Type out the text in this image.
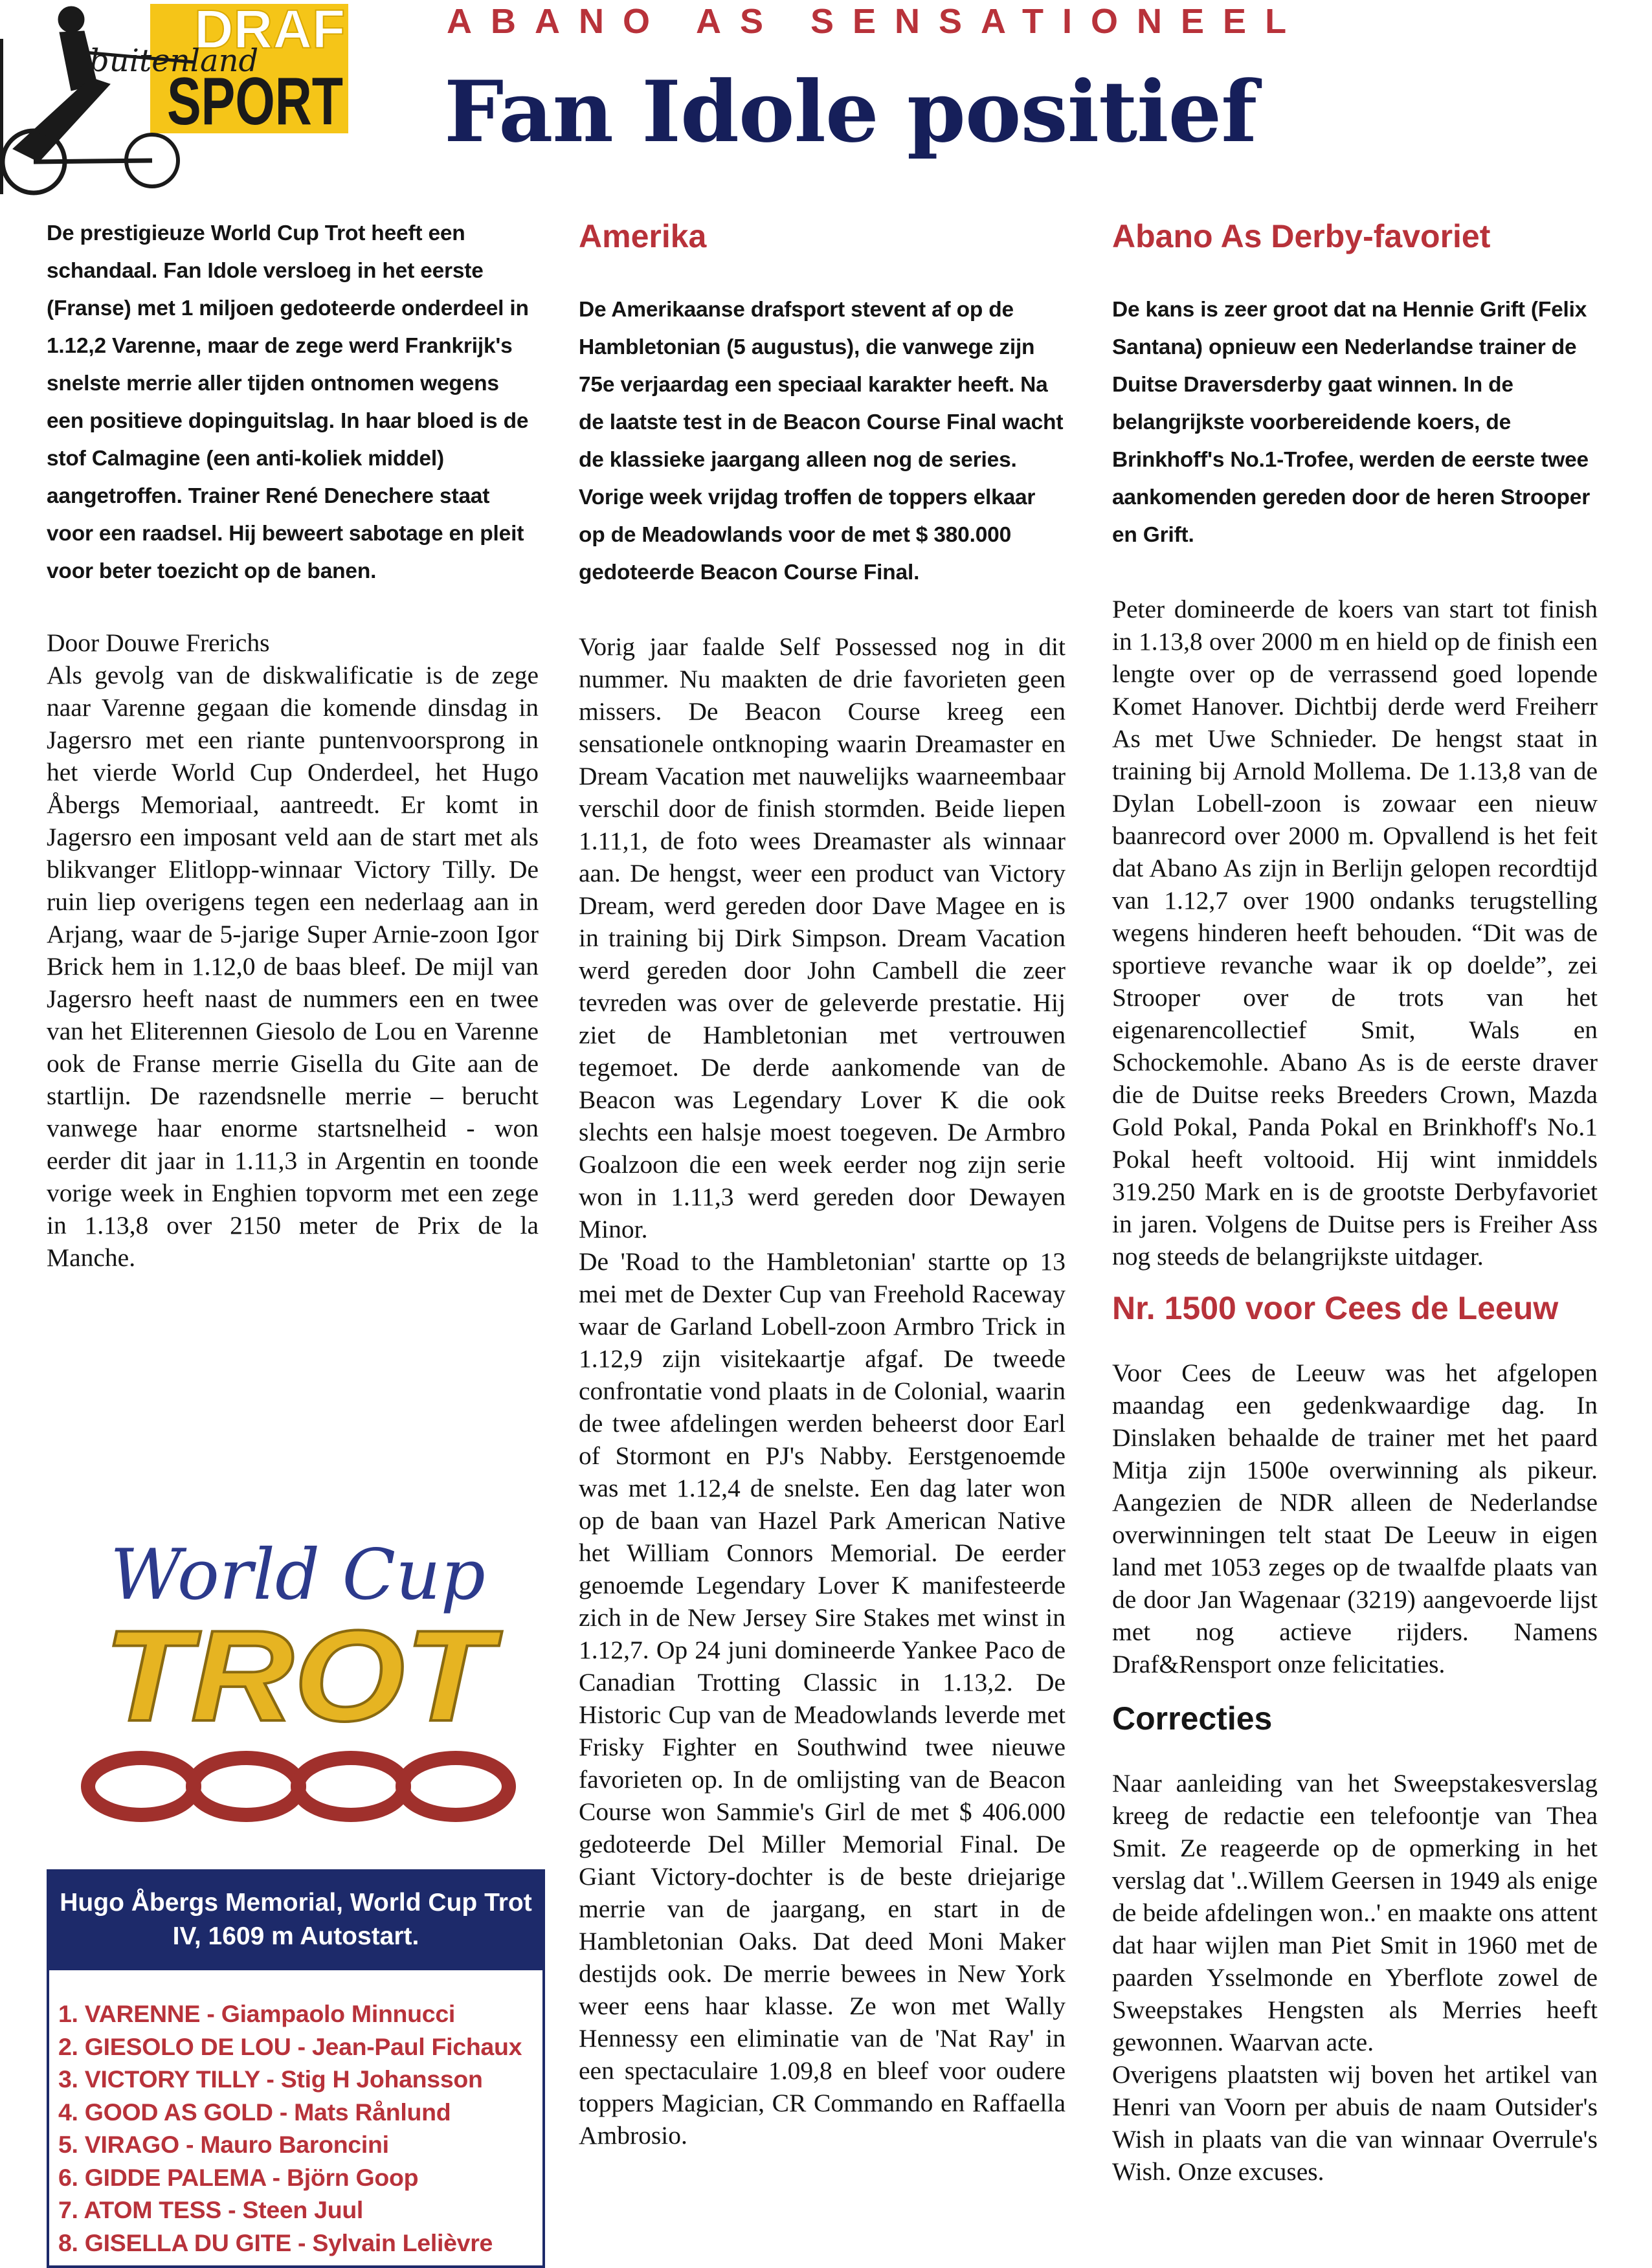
DRAF
buitenland
SPORT
ABANO AS SENSATIONEEL
Fan Idole positief

De prestigieuze World Cup Trot heeft een schandaal. Fan Idole versloeg in het eerste (Franse) met 1 miljoen gedoteerde onderdeel in 1.12,2 Varenne, maar de zege werd Frankrijk's snelste merrie aller tijden ontnomen wegens een positieve dopinguitslag. In haar bloed is de stof Calmagine (een anti-koliek middel) aangetroffen. Trainer René Denechere staat voor een raadsel. Hij beweert sabotage en pleit voor beter toezicht op de banen.

Door Douwe Frerichs

Als gevolg van de diskwalificatie is de zege naar Varenne gegaan die komende dinsdag in Jagersro met een riante puntenvoorsprong in het vierde World Cup Onderdeel, het Hugo Åbergs Memoriaal, aantreedt. Er komt in Jagersro een imposant veld aan de start met als blikvanger Elitlopp-winnaar Victory Tilly. De ruin liep overigens tegen een nederlaag aan in Arjang, waar de 5-jarige Super Arnie-zoon Igor Brick hem in 1.12,0 de baas bleef. De mijl van Jagersro heeft naast de nummers een en twee van het Eliterennen Giesolo de Lou en Varenne ook de Franse merrie Gisella du Gite aan de startlijn. De razendsnelle merrie – berucht vanwege haar enorme startsnelheid - won eerder dit jaar in 1.11,3 in Argentin en toonde vorige week in Enghien topvorm met een zege in 1.13,8 over 2150 meter de Prix de la Manche.

World Cup
TROT
Hugo Åbergs Memorial, World Cup Trot IV, 1609 m Autostart.
1. VARENNE - Giampaolo Minnucci
2. GIESOLO DE LOU - Jean-Paul Fichaux
3. VICTORY TILLY - Stig H Johansson
4. GOOD AS GOLD - Mats Rånlund
5. VIRAGO - Mauro Baroncini
6. GIDDE PALEMA - Björn Goop
7. ATOM TESS - Steen Juul
8. GISELLA DU GITE - Sylvain Lelièvre
Amerika

De Amerikaanse drafsport stevent af op de Hambletonian (5 augustus), die vanwege zijn 75e verjaardag een speciaal karakter heeft. Na de laatste test in de Beacon Course Final wacht de klassieke jaargang alleen nog de series. Vorige week vrijdag troffen de toppers elkaar op de Meadowlands voor de met $ 380.000 gedoteerde Beacon Course Final.

Vorig jaar faalde Self Possessed nog in dit nummer. Nu maakten de drie favorieten geen missers. De Beacon Course kreeg een sensationele ontknoping waarin Dreamaster en Dream Vacation met nauwelijks waarneembaar verschil door de finish stormden. Beide liepen 1.11,1, de foto wees Dreamaster als winnaar aan. De hengst, weer een product van Victory Dream, werd gereden door Dave Magee en is in training bij Dirk Simpson. Dream Vacation werd gereden door John Cambell die zeer tevreden was over de geleverde prestatie. Hij ziet de Hambletonian met vertrouwen tegemoet. De derde aankomende van de Beacon was Legendary Lover K die ook slechts een halsje moest toegeven. De Armbro Goalzoon die een week eerder nog zijn serie won in 1.11,3 werd gereden door Dewayen Minor.

De 'Road to the Hambletonian' startte op 13 mei met de Dexter Cup van Freehold Raceway waar de Garland Lobell-zoon Armbro Trick in 1.12,9 zijn visitekaartje afgaf. De tweede confrontatie vond plaats in de Colonial, waarin de twee afdelingen werden beheerst door Earl of Stormont en PJ's Nabby. Eerstgenoemde was met 1.12,4 de snelste. Een dag later won op de baan van Hazel Park American Native het William Connors Memorial. De eerder genoemde Legendary Lover K manifesteerde zich in de New Jersey Sire Stakes met winst in 1.12,7. Op 24 juni domineerde Yankee Paco de Canadian Trotting Classic in 1.13,2. De Historic Cup van de Meadowlands leverde met Frisky Fighter en Southwind twee nieuwe favorieten op. In de omlijsting van de Beacon Course won Sammie's Girl de met $ 406.000 gedoteerde Del Miller Memorial Final. De Giant Victory-dochter is de beste driejarige merrie van de jaargang, en start in de Hambletonian Oaks. Dat deed Moni Maker destijds ook. De merrie bewees in New York weer eens haar klasse. Ze won met Wally Hennessy een eliminatie van de 'Nat Ray' in een spectaculaire 1.09,8 en bleef voor oudere toppers Magician, CR Commando en Raffaella Ambrosio.

Abano As Derby-favoriet

De kans is zeer groot dat na Hennie Grift (Felix Santana) opnieuw een Nederlandse trainer de Duitse Draversderby gaat winnen. In de belangrijkste voorbereidende koers, de Brinkhoff's No.1-Trofee, werden de eerste twee aankomenden gereden door de heren Strooper en Grift.

Peter domineerde de koers van start tot finish in 1.13,8 over 2000 m en hield op de finish een lengte over op de verrassend goed lopende Komet Hanover. Dichtbij derde werd Freiherr As met Uwe Schnieder. De hengst staat in training bij Arnold Mollema. De 1.13,8 van de Dylan Lobell-zoon is zowaar een nieuw baanrecord over 2000 m. Opvallend is het feit dat Abano As zijn in Berlijn gelopen recordtijd van 1.12,7 over 1900 ondanks terugstelling wegens hinderen heeft behouden. “Dit was de sportieve revanche waar ik op doelde”, zei Strooper over de trots van het eigenarencollectief Smit, Wals en Schockemohle. Abano As is de eerste draver die de Duitse reeks Breeders Crown, Mazda Gold Pokal, Panda Pokal en Brinkhoff's No.1 Pokal heeft voltooid. Hij wint inmiddels 319.250 Mark en is de grootste Derbyfavoriet in jaren. Volgens de Duitse pers is Freiher Ass nog steeds de belangrijkste uitdager.

Nr. 1500 voor Cees de Leeuw

Voor Cees de Leeuw was het afgelopen maandag een gedenkwaardige dag. In Dinslaken behaalde de trainer met het paard Mitja zijn 1500e overwinning als pikeur. Aangezien de NDR alleen de Nederlandse overwinningen telt staat De Leeuw in eigen land met 1053 zeges op de twaalfde plaats van de door Jan Wagenaar (3219) aangevoerde lijst met nog actieve rijders. Namens Draf&Rensport onze felicitaties.

Correcties

Naar aanleiding van het Sweepstakesverslag kreeg de redactie een telefoontje van Thea Smit. Ze reageerde op de opmerking in het verslag dat '..Willem Geersen in 1949 als enige de beide afdelingen won..' en maakte ons attent dat haar wijlen man Piet Smit in 1960 met de paarden Ysselmonde en Yberflote zowel de Sweepstakes Hengsten als Merries heeft gewonnen. Waarvan acte.

Overigens plaatsten wij boven het artikel van Henri van Voorn per abuis de naam Outsider's Wish in plaats van die van winnaar Overrule's Wish. Onze excuses.
